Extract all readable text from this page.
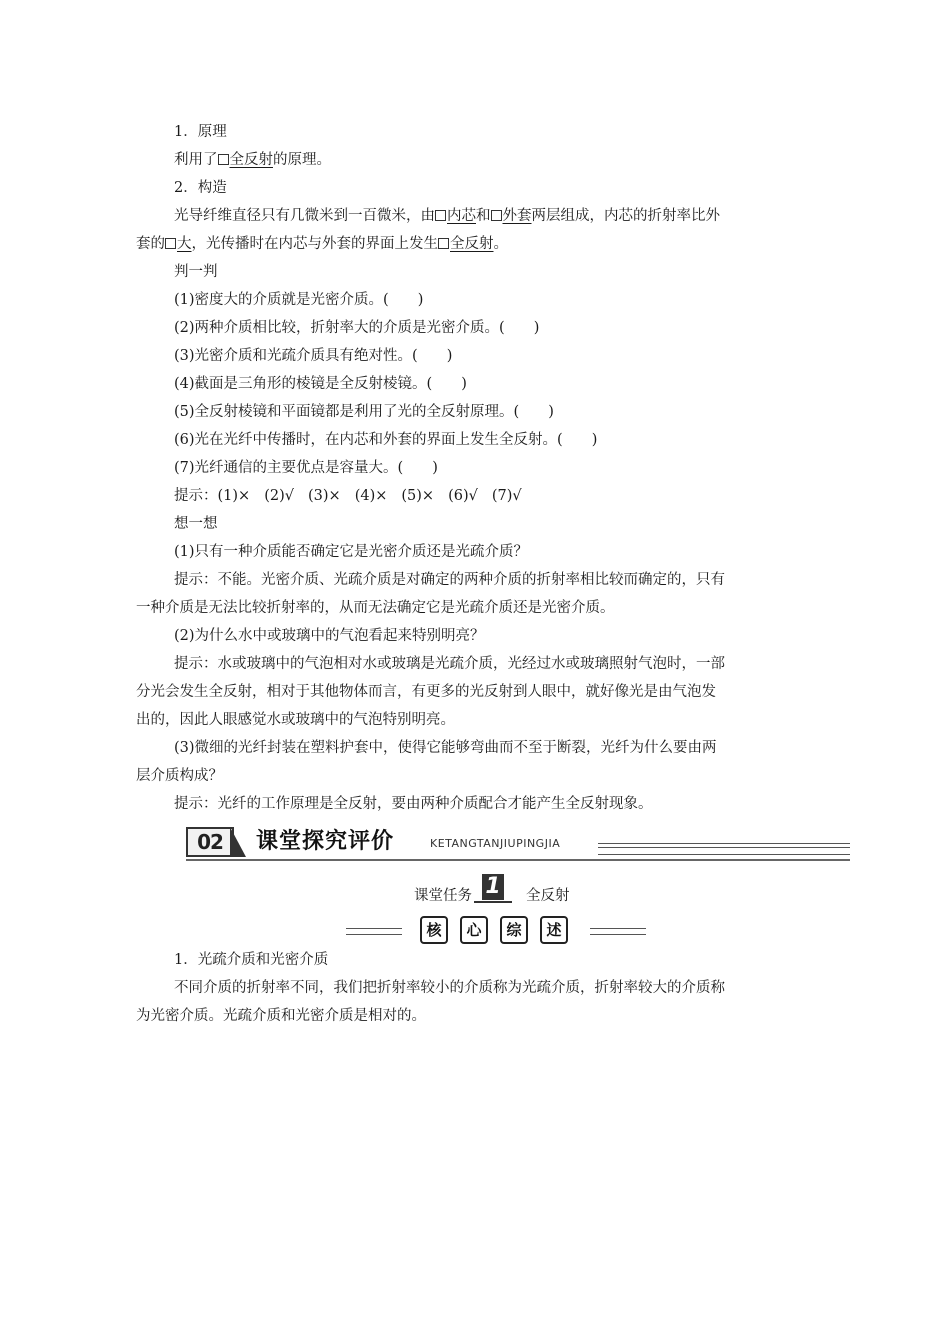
1．原理
利用了 全反射的原理。
2．构造
光导纤维直径只有几微米到一百微米，由 内芯和 外套两层组成，内芯的折射率比外
套的 大，光传播时在内芯与外套的界面上发生 全反射。
判一判
(1)密度大的介质就是光密介质。(　　)
(2)两种介质相比较，折射率大的介质是光密介质。(　　)
(3)光密介质和光疏介质具有绝对性。(　　)
(4)截面是三角形的棱镜是全反射棱镜。(　　)
(5)全反射棱镜和平面镜都是利用了光的全反射原理。(　　)
(6)光在光纤中传播时，在内芯和外套的界面上发生全反射。(　　)
(7)光纤通信的主要优点是容量大。(　　)
提示：(1)× (2)√ (3)× (4)× (5)× (6)√ (7)√
想一想
(1)只有一种介质能否确定它是光密介质还是光疏介质？
提示：不能。光密介质、光疏介质是对确定的两种介质的折射率相比较而确定的，只有
一种介质是无法比较折射率的，从而无法确定它是光疏介质还是光密介质。
(2)为什么水中或玻璃中的气泡看起来特别明亮？
提示：水或玻璃中的气泡相对水或玻璃是光疏介质，光经过水或玻璃照射气泡时，一部
分光会发生全反射，相对于其他物体而言，有更多的光反射到人眼中，就好像光是由气泡发
出的，因此人眼感觉水或玻璃中的气泡特别明亮。
(3)微细的光纤封装在塑料护套中，使得它能够弯曲而不至于断裂，光纤为什么要由两
层介质构成？
提示：光纤的工作原理是全反射，要由两种介质配合才能产生全反射现象。
02	课堂探究评价	KETANGTANJIUPINGJIA
课堂任务 1 全反射
核	心	综	述
1．光疏介质和光密介质
不同介质的折射率不同，我们把折射率较小的介质称为光疏介质，折射率较大的介质称
为光密介质。光疏介质和光密介质是相对的。
